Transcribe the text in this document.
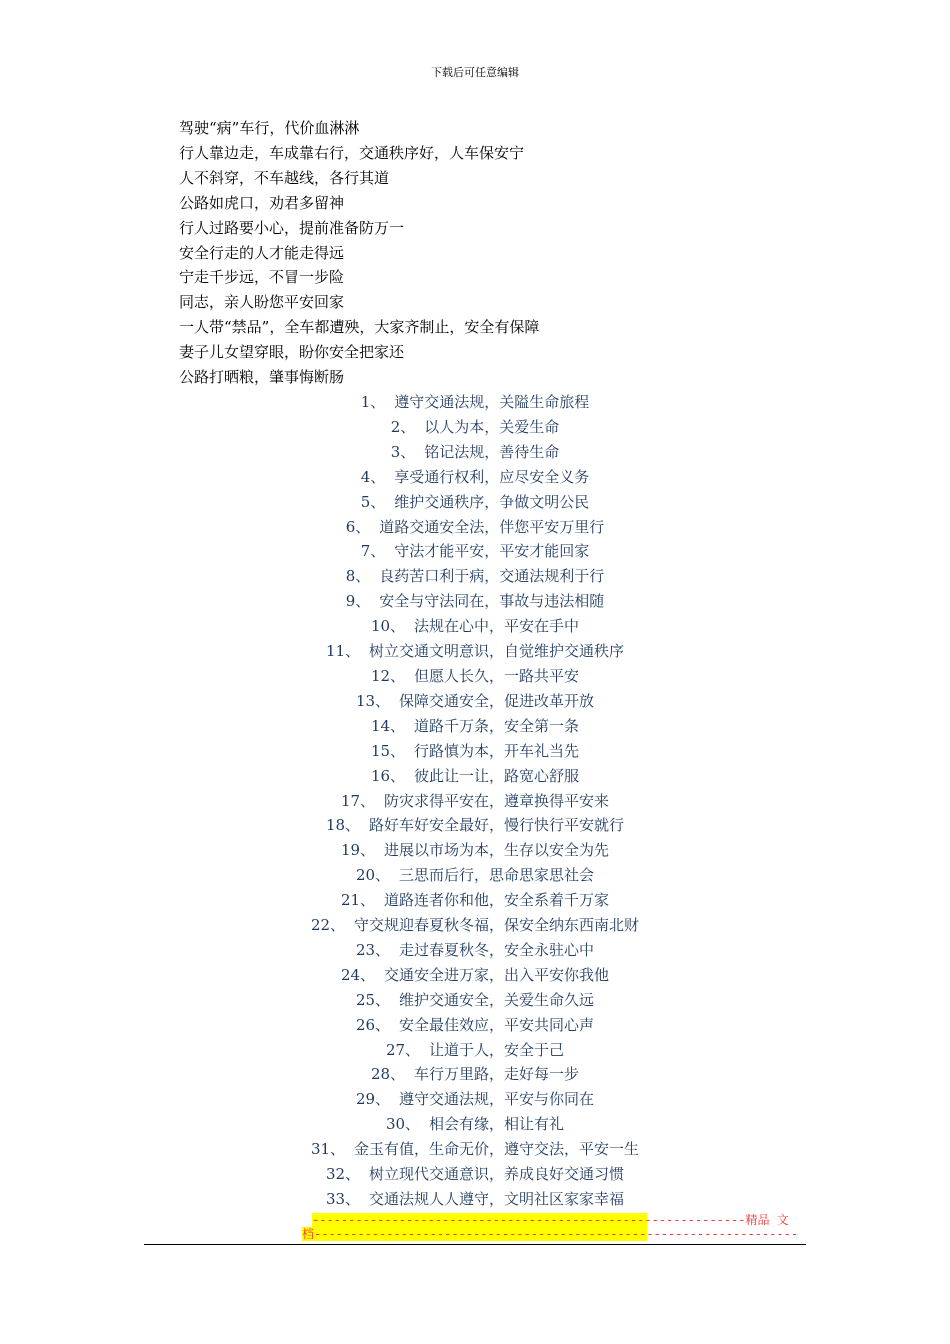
下载后可任意编辑
驾驶“病”车行，代价血淋淋
行人靠边走，车成靠右行，交通秩序好，人车保安宁
人不斜穿，不车越线，各行其道
公路如虎口，劝君多留神
行人过路要小心，提前准备防万一
安全行走的人才能走得远
宁走千步远，不冒一步险
同志，亲人盼您平安回家
一人带“禁品”，全车都遭殃，大家齐制止，安全有保障
妻子儿女望穿眼，盼你安全把家还
公路打晒粮，肇事悔断肠
1、 遵守交通法规，关隘生命旅程
2、 以人为本，关爱生命
3、 铭记法规，善待生命
4、 享受通行权利，应尽安全义务
5、 维护交通秩序，争做文明公民
6、 道路交通安全法，伴您平安万里行
7、 守法才能平安，平安才能回家
8、 良药苦口利于病，交通法规利于行
9、 安全与守法同在，事故与违法相随
10、 法规在心中，平安在手中
11、 树立交通文明意识，自觉维护交通秩序
12、 但愿人长久，一路共平安
13、 保障交通安全，促进改革开放
14、 道路千万条，安全第一条
15、 行路慎为本，开车礼当先
16、 彼此让一让，路宽心舒服
17、 防灾求得平安在，遵章换得平安来
18、 路好车好安全最好，慢行快行平安就行
19、 进展以市场为本，生存以安全为先
20、 三思而后行，思命思家思社会
21、 道路连者你和他，安全系着千万家
22、 守交规迎春夏秋冬福，保安全纳东西南北财
23、 走过春夏秋冬，安全永驻心中
24、 交通安全进万家，出入平安你我他
25、 维护交通安全，关爱生命久远
26、 安全最佳效应，平安共同心声
27、 让道于人，安全于己
28、 车行万里路，走好每一步
29、 遵守交通法规，平安与你同在
30、 相会有缘，相让有礼
31、 金玉有值，生命无价，遵守交法，平安一生
32、 树立现代交通意识，养成良好交通习惯
33、 交通法规人人遵守，文明社区家家幸福
------------------------------------------------------------精品 文
档-------------------------------------------------------------------
